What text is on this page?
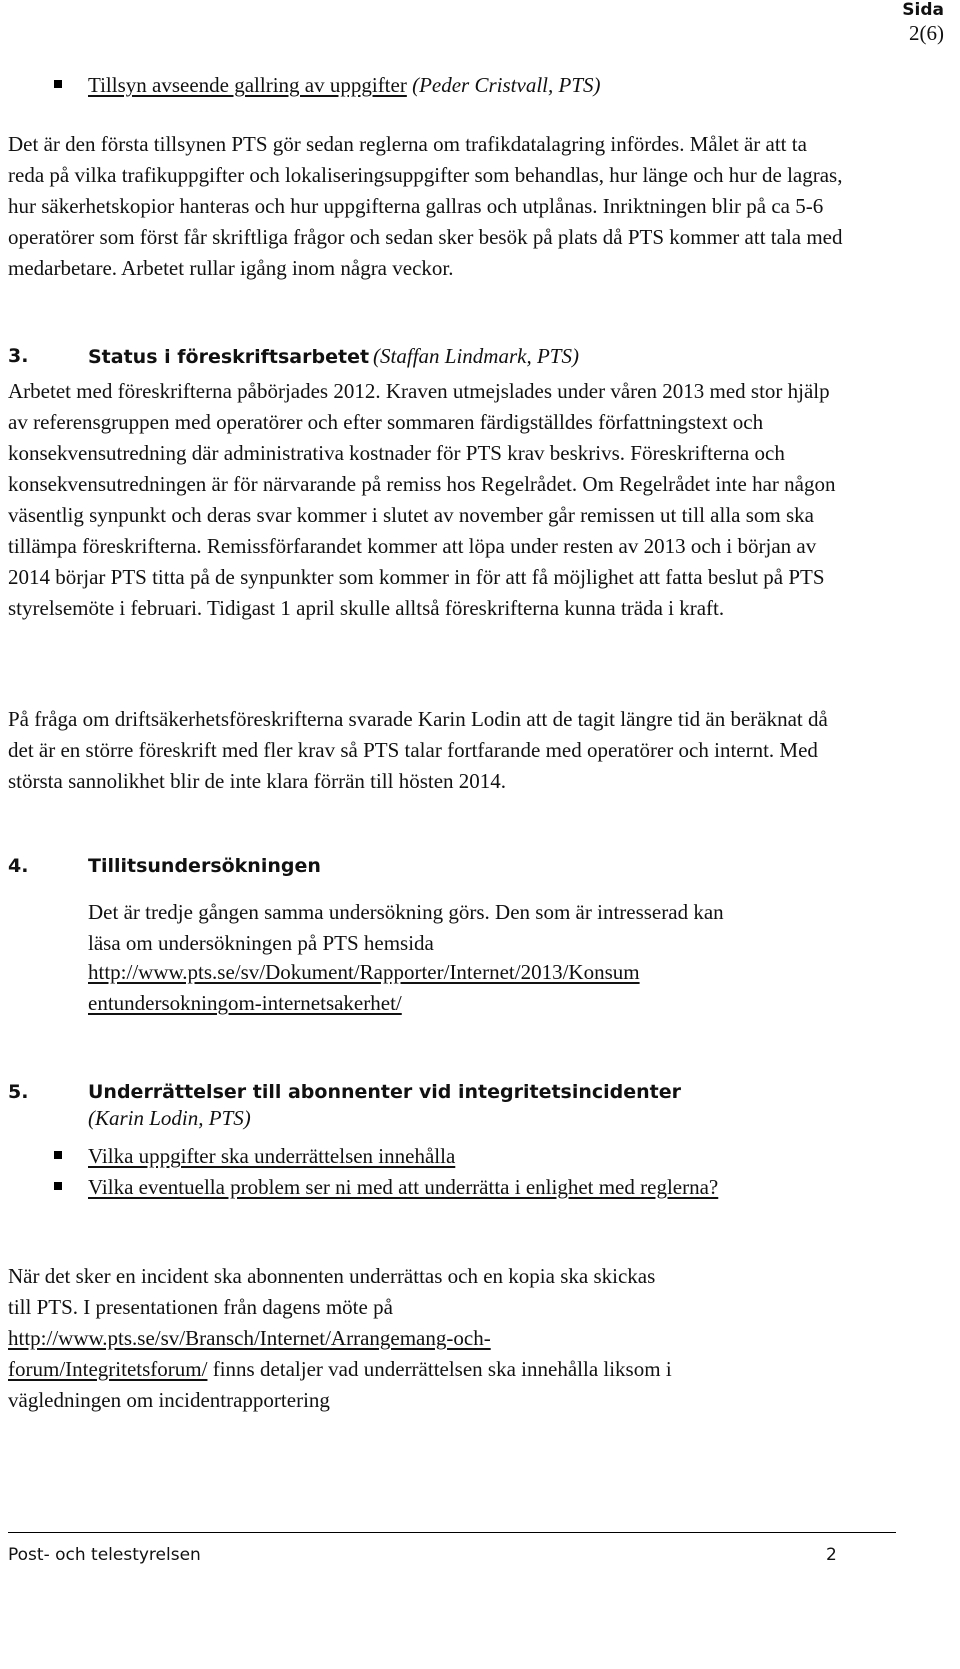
Sida
2(6)
Tillsyn avseende gallring av uppgifter (Peder Cristvall, PTS)
Det är den första tillsynen PTS gör sedan reglerna om trafikdatalagring infördes. Målet är att ta reda på vilka trafikuppgifter och lokaliseringsuppgifter som behandlas, hur länge och hur de lagras, hur säkerhetskopior hanteras och hur uppgifterna gallras och utplånas. Inriktningen blir på ca 5-6 operatörer som först får skriftliga frågor och sedan sker besök på plats då PTS kommer att tala med medarbetare. Arbetet rullar igång inom några veckor.
3.	Status i föreskriftsarbetet (Staffan Lindmark, PTS)
Arbetet med föreskrifterna påbörjades 2012. Kraven utmejslades under våren 2013 med stor hjälp av referensgruppen med operatörer och efter sommaren färdigställdes författningstext och konsekvensutredning där administrativa kostnader för PTS krav beskrivs. Föreskrifterna och konsekvensutredningen är för närvarande på remiss hos Regelrådet. Om Regelrådet inte har någon väsentlig synpunkt och deras svar kommer i slutet av november går remissen ut till alla som ska tillämpa föreskrifterna. Remissförfarandet kommer att löpa under resten av 2013 och i början av 2014 börjar PTS titta på de synpunkter som kommer in för att få möjlighet att fatta beslut på PTS styrelsemöte i februari. Tidigast 1 april skulle alltså föreskrifterna kunna träda i kraft.
På fråga om driftsäkerhetsföreskrifterna svarade Karin Lodin att de tagit längre tid än beräknat då det är en större föreskrift med fler krav så PTS talar fortfarande med operatörer och internt. Med största sannolikhet blir de inte klara förrän till hösten 2014.
4.	Tillitsundersökningen
Det är tredje gången samma undersökning görs. Den som är intresserad kan läsa om undersökningen på PTS hemsida
http://www.pts.se/sv/Dokument/Rapporter/Internet/2013/Konsum
entundersokningom-internetsakerhet/
5.	Underrättelser till abonnenter vid integritetsincidenter
(Karin Lodin, PTS)
Vilka uppgifter ska underrättelsen innehålla
Vilka eventuella problem ser ni med att underrätta i enlighet med reglerna?
När det sker en incident ska abonnenten underrättas och en kopia ska skickas
till PTS. I presentationen från dagens möte på
http://www.pts.se/sv/Bransch/Internet/Arrangemang-och-
forum/Integritetsforum/ finns detaljer vad underrättelsen ska innehålla liksom i
vägledningen om incidentrapportering
Post- och telestyrelsen	2
